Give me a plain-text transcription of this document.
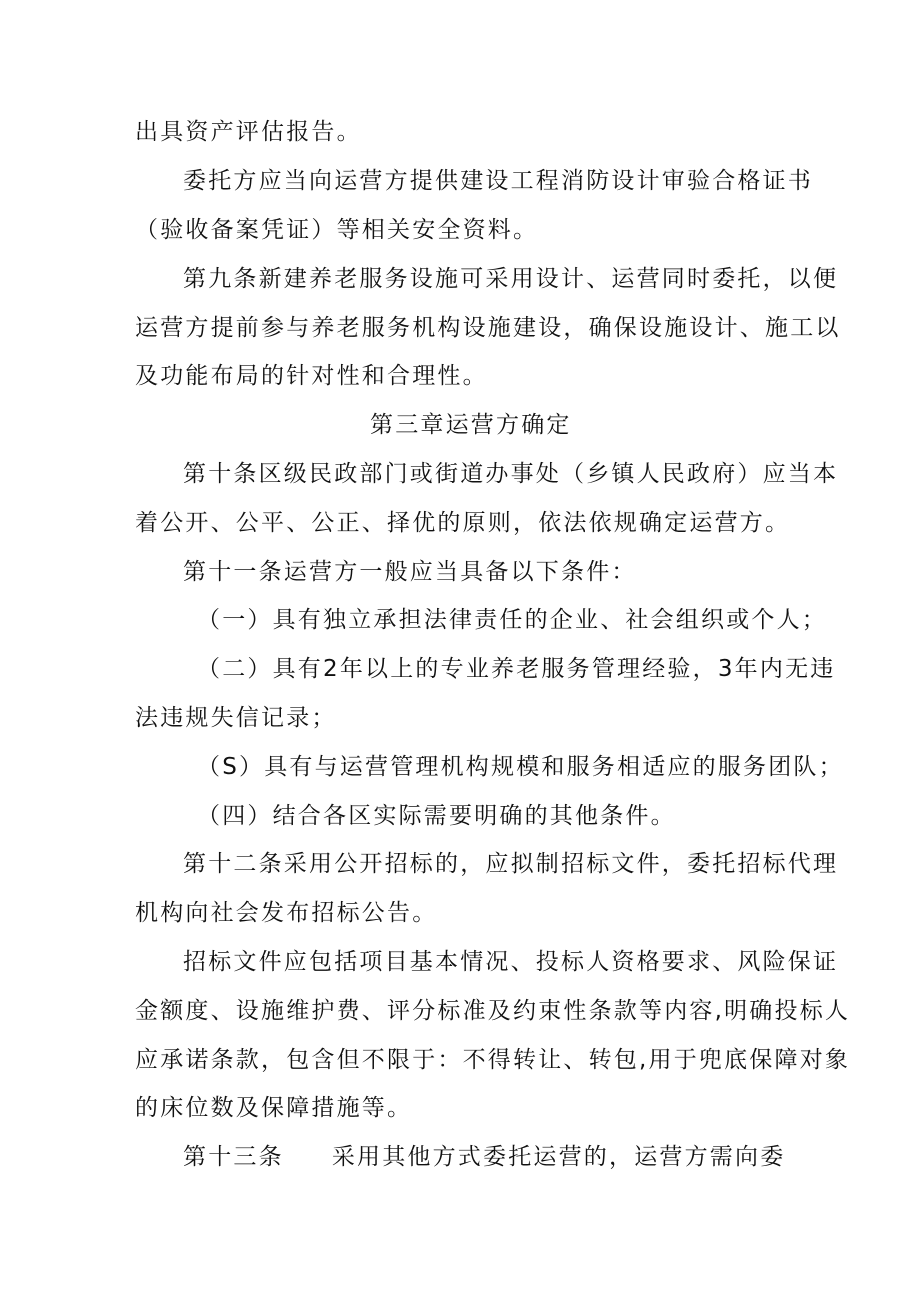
出具资产评估报告。
委托方应当向运营方提供建设工程消防设计审验合格证书
（验收备案凭证）等相关安全资料。
第九条新建养老服务设施可采用设计、运营同时委托，以便
运营方提前参与养老服务机构设施建设，确保设施设计、施工以
及功能布局的针对性和合理性。
第三章运营方确定
第十条区级民政部门或街道办事处（乡镇人民政府）应当本
着公开、公平、公正、择优的原则，依法依规确定运营方。
第十一条运营方一般应当具备以下条件：
（一）具有独立承担法律责任的企业、社会组织或个人；
（二）具有2年以上的专业养老服务管理经验，3年内无违
法违规失信记录；
（S）具有与运营管理机构规模和服务相适应的服务团队；
（四）结合各区实际需要明确的其他条件。
第十二条采用公开招标的，应拟制招标文件，委托招标代理
机构向社会发布招标公告。
招标文件应包括项目基本情况、投标人资格要求、风险保证
金额度、设施维护费、评分标准及约束性条款等内容,明确投标人
应承诺条款，包含但不限于：不得转让、转包,用于兜底保障对象
的床位数及保障措施等。
第十三条 采用其他方式委托运营的，运营方需向委
